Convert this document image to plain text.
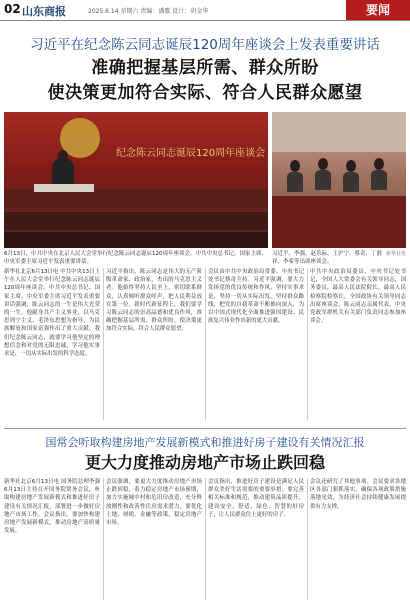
02 山东商报	2025.6.14 星期六 责编：潘歌 设计：胡金华	要闻
习近平在纪念陈云同志诞辰120周年座谈会上发表重要讲话
准确把握基层所需、群众所盼
使决策更加符合实际、符合人民群众愿望
纪念陈云同志诞辰120周年座谈会
6月13日，中共中央在北京人民大会堂举行纪念陈云同志诞辰120周年座谈会。中共中央总书记、国家主席、中央军委主席习近平发表重要讲话。
习近平、李强、赵乐际、王沪宁、蔡奇、丁薛祥、李希等出席座谈会。
新华社发
新华社北京6月13日电 中共中央13日上午在人民大会堂举行纪念陈云同志诞辰120周年座谈会。中共中央总书记、国家主席、中央军委主席习近平发表重要讲话强调，陈云同志的一生是伟大光荣的一生。他献身共产主义事业，以马克思列宁主义、毛泽东思想为指导，为民族解放和国家富强作出了重大贡献。我们纪念陈云同志，就要学习他坚定的理想信念和对党的无限忠诚，学习他实事求是、一切从实际出发的科学态度。
习近平指出，陈云同志是伟大的无产阶级革命家、政治家，杰出的马克思主义者。他始终坚持人民至上，密切联系群众，认真倾听群众呼声，把人民利益放在第一位。新时代新征程上，我们要学习陈云同志的崇高品德和优良作风，准确把握基层所需、群众所盼，使决策更加符合实际，符合人民群众愿望。
会议由中共中央政治局常委、中央书记处书记蔡奇主持。习近平强调，要大力发扬党的优良传统和作风，坚持实事求是，坚持一切从实际出发，坚持群众路线，把党的自我革命不断推向深入，为以中国式现代化全面推进强国建设、民族复兴伟业作出新的更大贡献。
中共中央政治局委员、中央书记处书记，全国人大常委会有关领导同志，国务委员，最高人民法院院长，最高人民检察院检察长，全国政协有关领导同志出席座谈会。陈云同志亲属代表，中央党政军群机关有关部门负责同志参加座谈会。
国常会听取构建房地产发展新模式和推进好房子建设有关情况汇报
更大力度推动房地产市场止跌回稳
新华社北京6月13日电 国务院总理李强6月13日主持召开国务院常务会议，听取构建房地产发展新模式和推进好房子建设有关情况汇报，部署进一步做好房地产市场工作。会议指出，要加快构建房地产发展新模式，推动房地产高质量发展。
会议强调，要更大力度推动房地产市场止跌回稳，着力稳定房地产市场预期，加力实施城中村和危旧房改造，充分释放刚性和改善性住房需求潜力。要优化土地、财税、金融等政策，稳定房地产市场。
会议指出，推进好房子建设是满足人民群众美好生活需要的重要举措。要完善相关标准和规范，推动建筑品质提升，建设安全、舒适、绿色、智慧的好房子，让人民群众住上更好的房子。
会议还研究了其他事项。会议要求各地区各部门狠抓落实，确保各项政策措施落地见效，为经济社会持续健康发展提供有力支撑。
